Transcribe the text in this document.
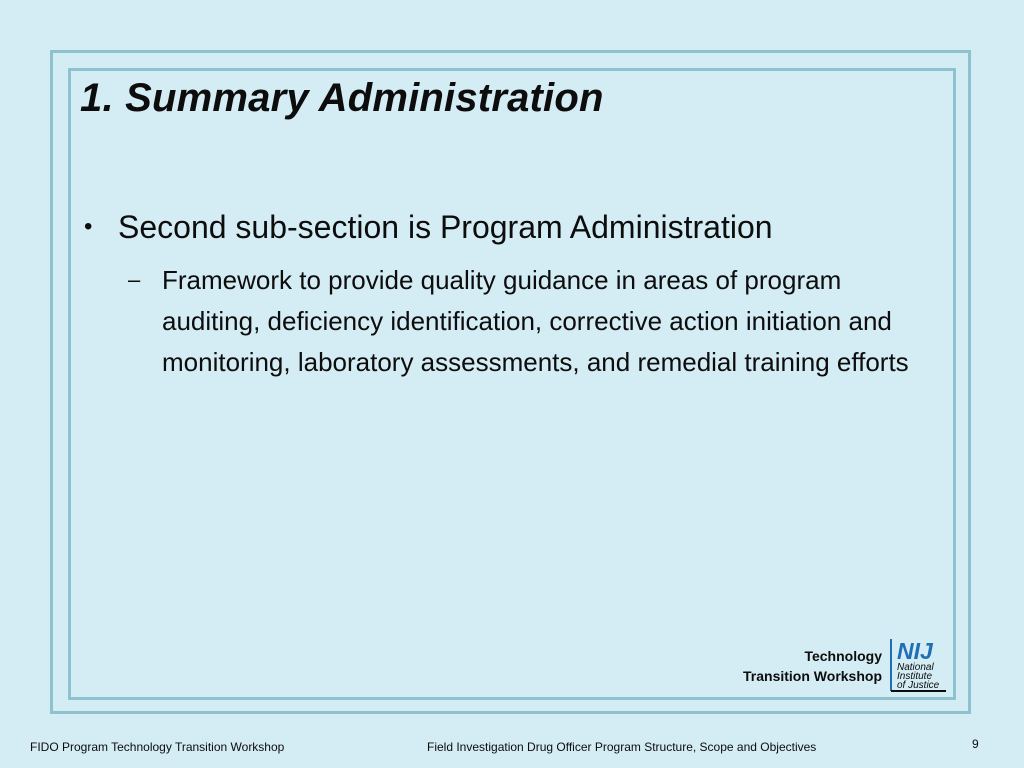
1. Summary Administration
• Second sub-section is Program Administration
– Framework to provide quality guidance in areas of program auditing, deficiency identification, corrective action initiation and monitoring, laboratory assessments, and remedial training efforts
Technology
Transition Workshop
NIJ
National
Institute
of Justice
FIDO Program Technology Transition Workshop	Field Investigation Drug Officer Program Structure, Scope and Objectives	9
